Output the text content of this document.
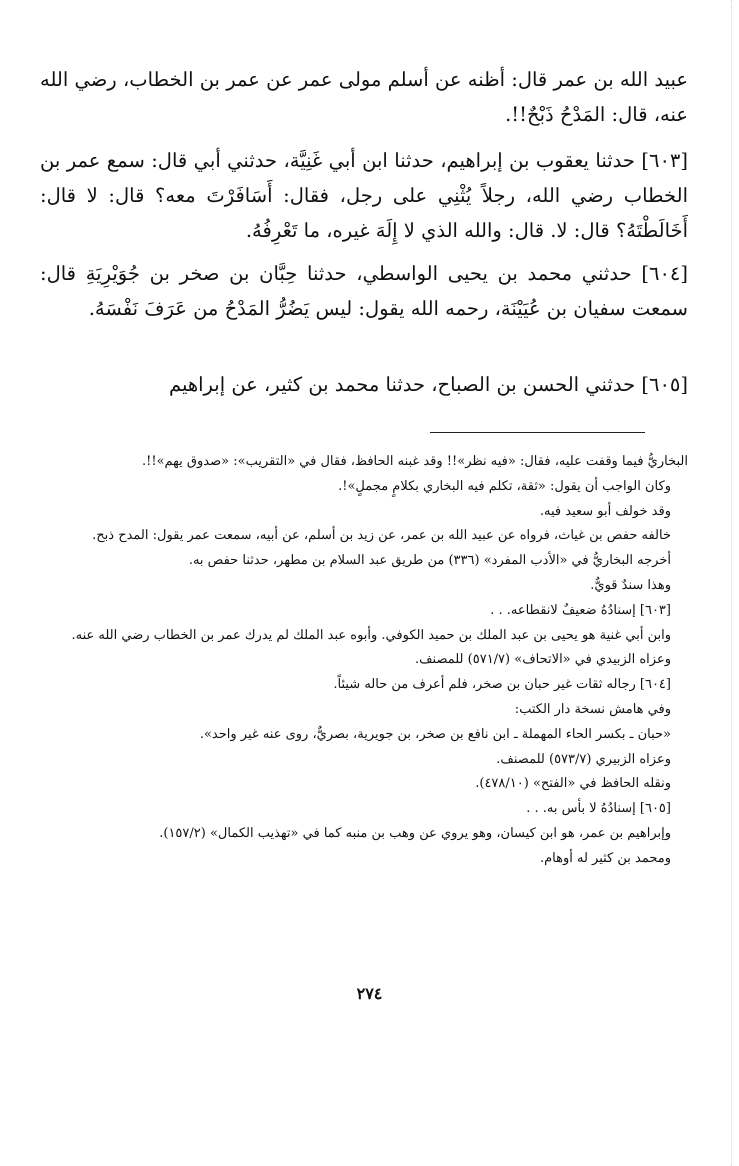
عبيد الله بن عمر قال: أظنه عن أسلم مولى عمر عن عمر بن الخطاب، رضي الله عنه، قال: المَدْحُ ذَبْحٌ!!.

[٦٠٣] حدثنا يعقوب بن إبراهيم، حدثنا ابن أبي غَنِيَّة، حدثني أبي قال: سمع عمر بن الخطاب رضي الله، رجلاً يُثْنِي على رجل، فقال: أَسَافَرْتَ معه؟ قال: لا قال: أَخَالَطْتَهُ؟ قال: لا. قال: والله الذي لا إِلَهَ غيره، ما تَعْرِفُهُ.

[٦٠٤] حدثني محمد بن يحيى الواسطي، حدثنا حِبَّان بن صخر بن جُوَيْرِيَةِ قال: سمعت سفيان بن عُيَيْنَة، رحمه الله يقول: ليس يَضُرُّ المَدْحُ من عَرَفَ نَفْسَهُ.

[٦٠٥] حدثني الحسن بن الصباح، حدثنا محمد بن كثير، عن إبراهيم

البخاريُّ فيما وقفت عليه، فقال: «فيه نظر»!! وقد غبنه الحافظ، فقال في «التقريب»: «صدوق يهم»!!.

وكان الواجب أن يقول: «ثقة، تكلم فيه البخاري بكلامٍ مجملٍ»!.

وقد خولف أبو سعيد فيه.

خالفه حفص بن غياث، فرواه عن عبيد الله بن عمر، عن زيد بن أسلم، عن أبيه، سمعت عمر يقول: المدح ذبح.

أخرجه البخاريُّ في «الأدب المفرد» (٣٣٦) من طريق عبد السلام بن مطهر، حدثنا حفص به.

وهذا سندٌ قويٌّ.

[٦٠٣] إسنادُهُ ضعيفٌ لانقطاعه. . .

وابن أبي غنية هو يحيى بن عبد الملك بن حميد الكوفي. وأبوه عبد الملك لم يدرك عمر بن الخطاب رضي الله عنه.

وعزاه الزبيدي في «الاتحاف» (٥٧١/٧) للمصنف.

[٦٠٤] رجاله ثقات غير حبان بن صخر، فلم أعرف من حاله شيئاً.

وفي هامش نسخة دار الكتب:

«حبان ـ بكسر الحاء المهملة ـ ابن نافع بن صخر، بن جويرية، بصريٌّ، روى عنه غير واحد».

وعزاه الزبيري (٥٧٣/٧) للمصنف.

ونقله الحافظ في «الفتح» (٤٧٨/١٠).

[٦٠٥] إسنادُهُ لا بأس به. . .

وإبراهيم بن عمر، هو ابن كيسان، وهو يروي عن وهب بن منبه كما في «تهذيب الكمال» (١٥٧/٢).

ومحمد بن كثير له أوهام.

٢٧٤
